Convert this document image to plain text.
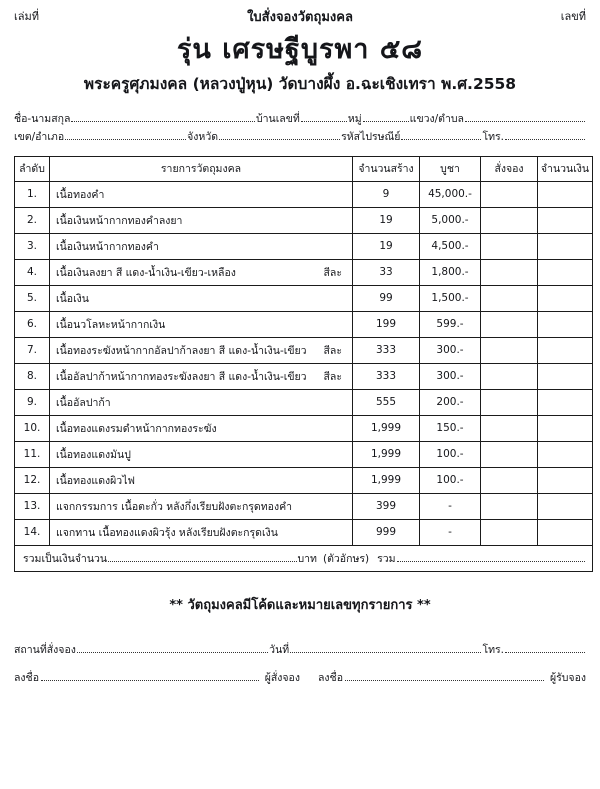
เล่มที่	ใบสั่งจองวัตถุมงคล	เลขที่
รุ่น เศรษฐีบูรพา ๕๘
พระครูศุภมงคล (หลวงปู่หุน) วัดบางผึ้ง อ.ฉะเชิงเทรา พ.ศ.2558
ชื่อ-นามสกุล	บ้านเลขที่	หมู่	แขวง/ตำบล
เขต/อำเภอ	จังหวัด	รหัสไปรษณีย์	โทร.
ลำดับ	รายการวัตถุมงคล	จำนวนสร้าง	บูชา	สั่งจอง	จำนวนเงิน
1.	เนื้อทองคำ	9	45,000.-		
2.	เนื้อเงินหน้ากากทองคำลงยา	19	5,000.-		
3.	เนื้อเงินหน้ากากทองคำ	19	4,500.-		
4.	เนื้อเงินลงยา สี แดง-น้ำเงิน-เขียว-เหลือง สีละ	33	1,800.-		
5.	เนื้อเงิน	99	1,500.-		
6.	เนื้อนวโลหะหน้ากากเงิน	199	599.-		
7.	เนื้อทองระฆังหน้ากากอัลปาก้าลงยา สี แดง-น้ำเงิน-เขียว สีละ	333	300.-		
8.	เนื้ออัลปาก้าหน้ากากทองระฆังลงยา สี แดง-น้ำเงิน-เขียว สีละ	333	300.-		
9.	เนื้ออัลปาก้า	555	200.-		
10.	เนื้อทองแดงรมดำหน้ากากทองระฆัง	1,999	150.-		
11.	เนื้อทองแดงมันปู	1,999	100.-		
12.	เนื้อทองแดงผิวไฟ	1,999	100.-		
13.	แจกกรรมการ เนื้อตะกั่ว หลังกึ่งเรียบฝังตะกรุดทองคำ	399	-		
14.	แจกทาน เนื้อทองแดงผิวรุ้ง หลังเรียบฝังตะกรุดเงิน	999	-		

รวมเป็นเงินจำนวน บาท (ตัวอักษร) รวม					
** วัตถุมงคลมีโค้ดและหมายเลขทุกรายการ **
สถานที่สั่งจอง	วันที่	โทร.
ลงชื่อ	ผู้สั่งจอง	ลงชื่อ	ผู้รับจอง
